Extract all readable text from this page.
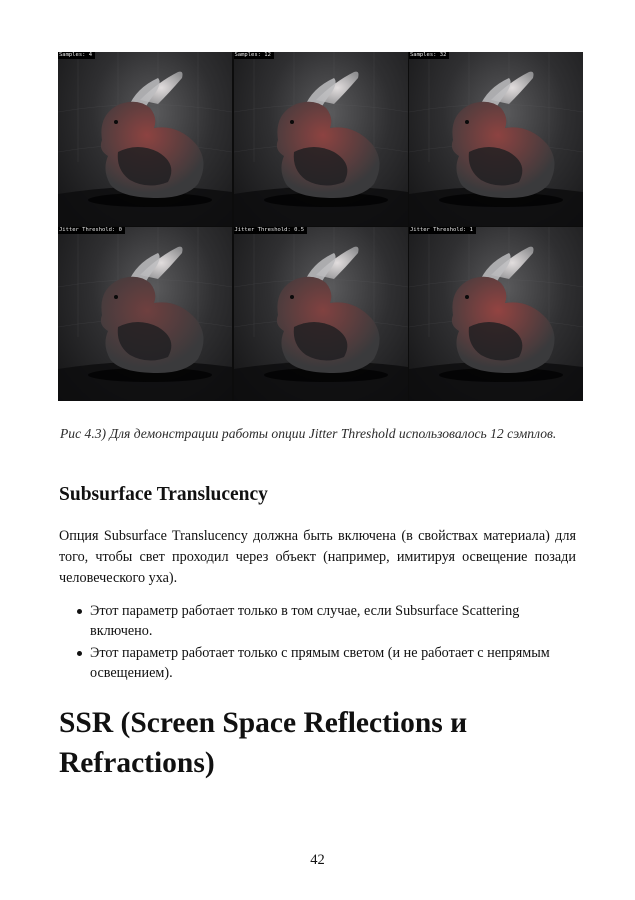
Samples: 4	Samples: 12	Samples: 32
Jitter Threshold: 0	Jitter Threshold: 0.5	Jitter Threshold: 1
Рис 4.3) Для демонстрации работы опции Jitter Threshold использовалось 12 сэмплов.
Subsurface Translucency
Опция Subsurface Translucency должна быть включена (в свойствах материала) для того, чтобы свет проходил через объект (например, имитируя освещение позади человеческого уха).
Этот параметр работает только в том случае, если Subsurface Scattering включено.
Этот параметр работает только с прямым светом (и не работает с непрямым освещением).
SSR (Screen Space Reflections и Refractions)
42
